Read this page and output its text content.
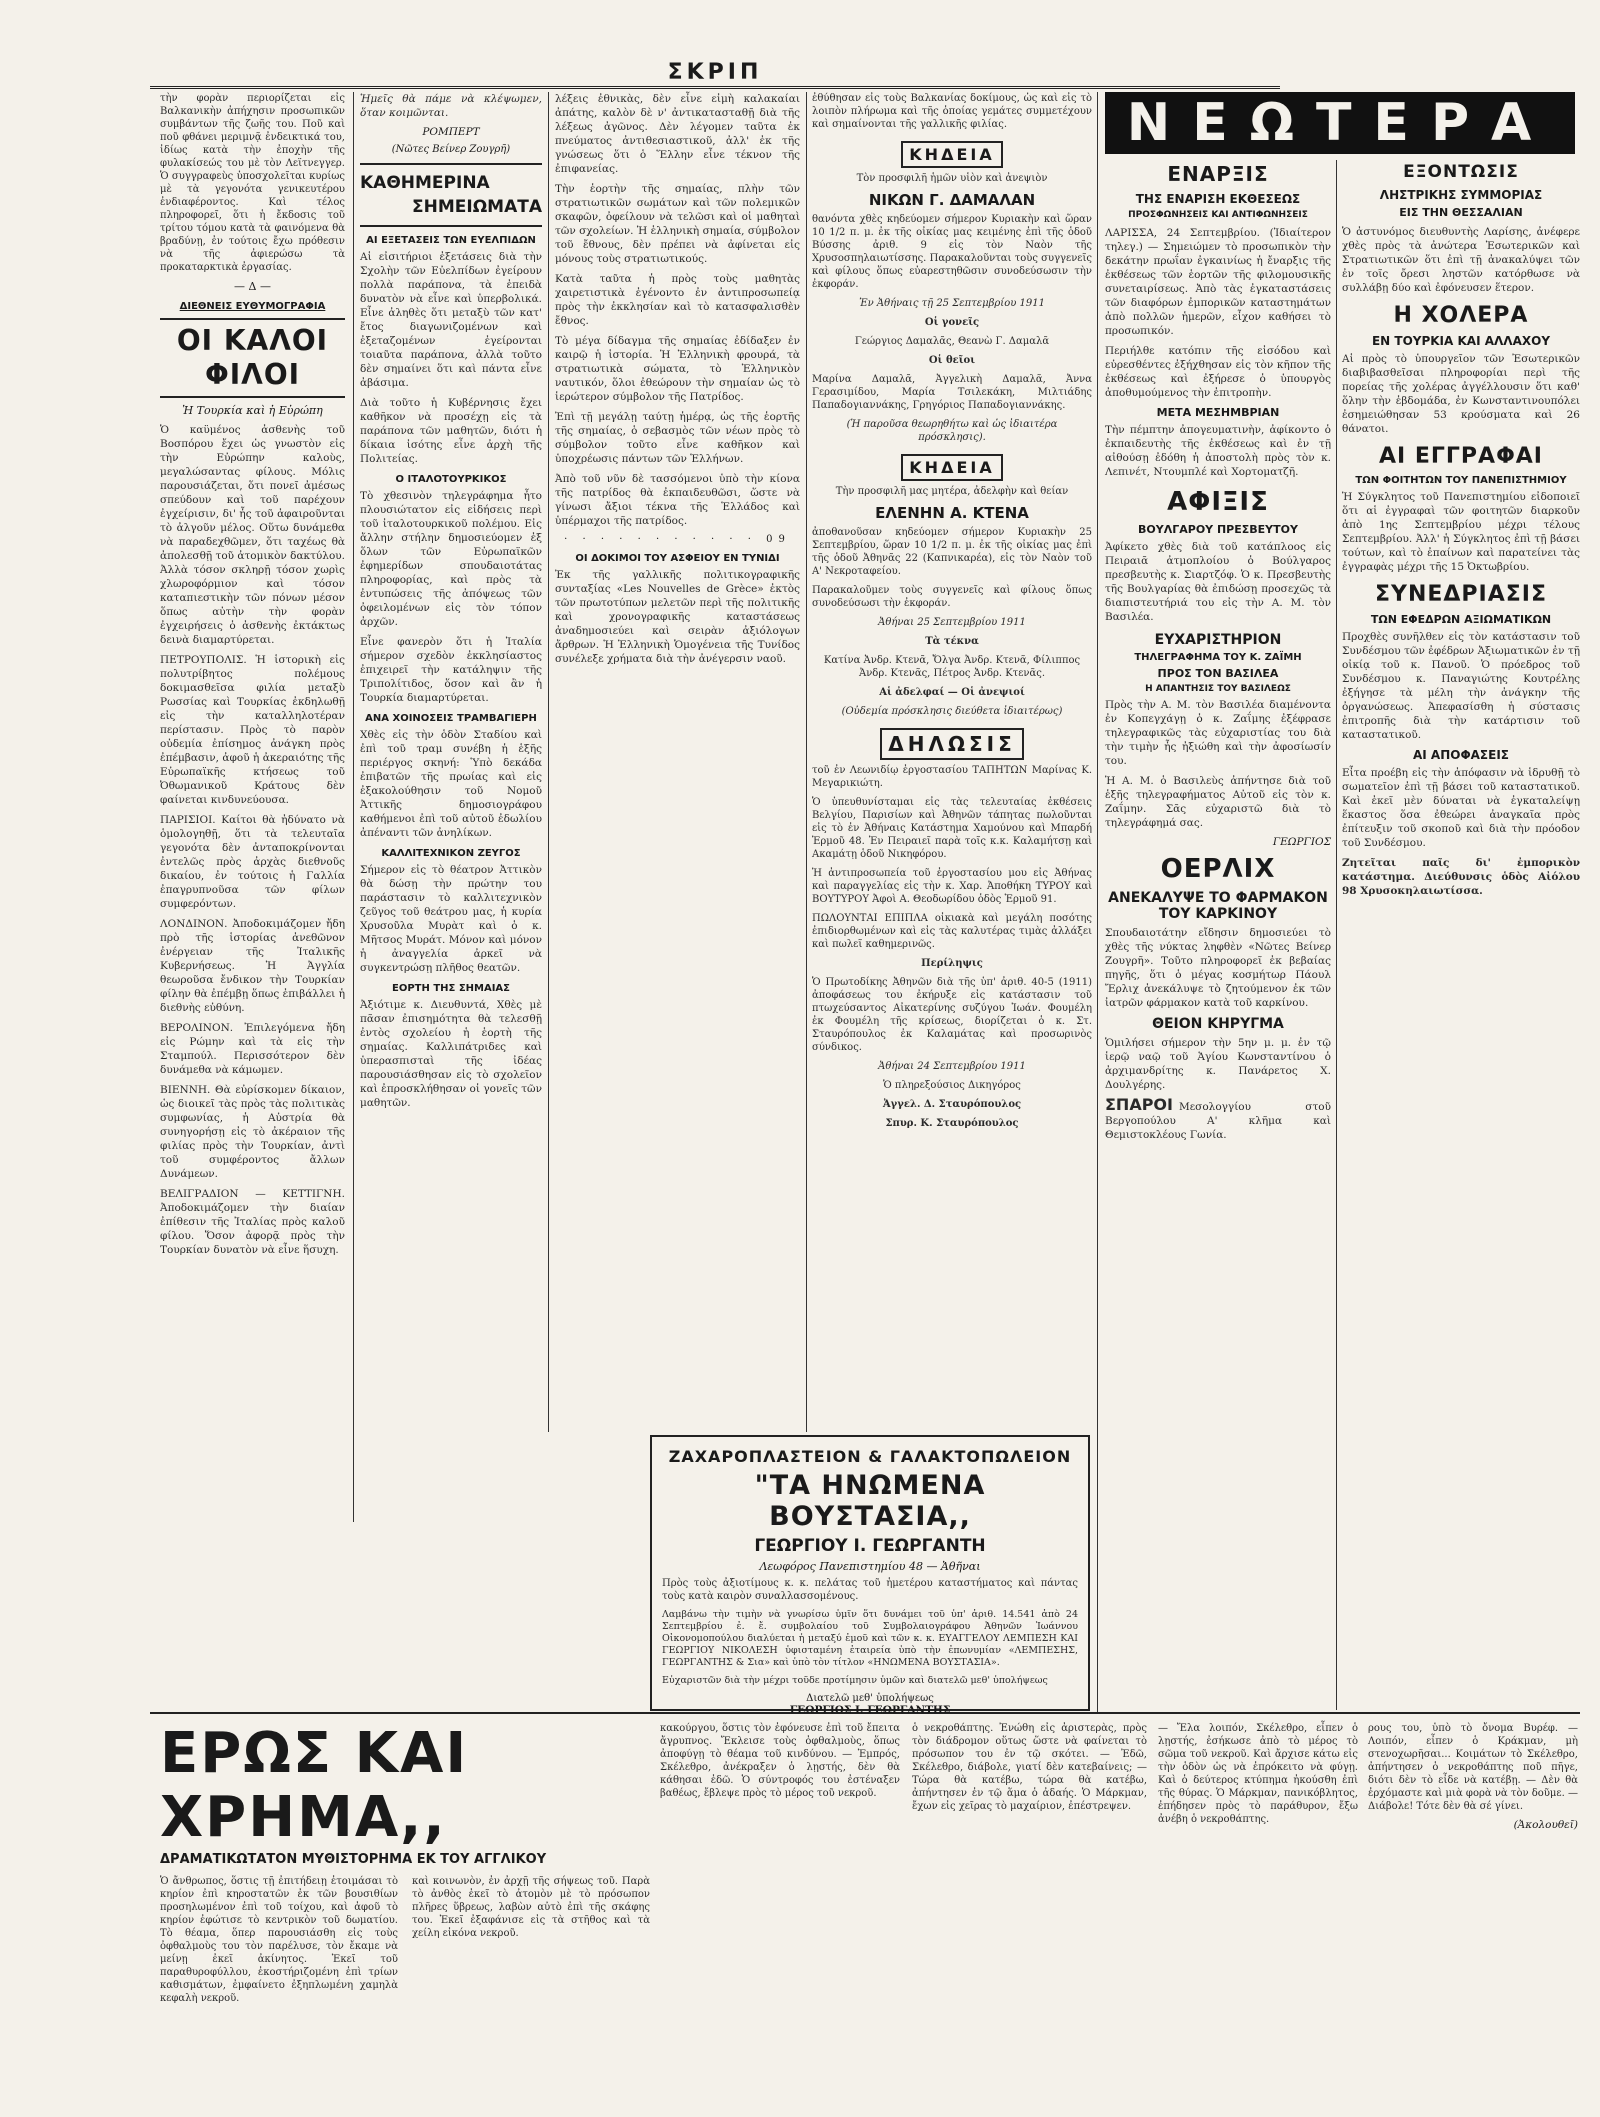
ΣΚΡΙΠ

τὴν φορὰν περιορίζεται εἰς Βαλκανικὴν ἀπήχησιν προσωπικῶν συμβάντων τῆς ζωῆς του. Ποῦ καὶ ποῦ φθάνει μεριμνᾷ ἐνδεικτικά του, ἰδίως κατὰ τὴν ἐποχὴν τῆς φυλακίσεώς του μὲ τὸν Λεϊτνεγγερ. Ὁ συγγραφεὺς ὑποσχολεῖται κυρίως μὲ τὰ γεγονότα γενικευτέρου ἐνδιαφέροντος. Καὶ τέλος πληροφορεῖ, ὅτι ἡ ἔκδοσις τοῦ τρίτου τόμου κατὰ τὰ φαινόμενα θὰ βραδύνῃ, ἐν τούτοις ἔχω πρόθεσιν νὰ τῆς ἀφιερώσω τὰ προκαταρκτικὰ ἐργασίας.

— Δ —

ΔΙΕΘΝΕΙΣ ΕΥΘΥΜΟΓΡΑΦΙΑ
ΟΙ ΚΑΛΟΙ ΦΙΛΟΙ

Ἡ Τουρκία καὶ ἡ Εὐρώπη

Ὁ καϋμένος ἀσθενὴς τοῦ Βοσπόρου ἔχει ὡς γνωστὸν εἰς τὴν Εὐρώπην καλοὺς, μεγαλώσαντας φίλους. Μόλις παρουσιάζεται, ὅτι πονεῖ ἀμέσως σπεύδουν καὶ τοῦ παρέχουν ἐγχείρισιν, δι' ἧς τοῦ ἀφαιροῦνται τὸ ἀλγοῦν μέλος. Οὕτω δυνάμεθα νὰ παραδεχθῶμεν, ὅτι ταχέως θὰ ἀπολεσθῇ τοῦ ἀτομικὸν δακτύλου. Ἀλλὰ τόσον σκληρῇ τόσον χωρὶς χλωροφόρμιον καὶ τόσον καταπιεστικὴν τῶν πόνων μέσον ὅπως αὐτὴν τὴν φορὰν ἐγχειρήσεις ὁ ἀσθενὴς ἐκτάκτως δεινὰ διαμαρτύρεται.

ΠΕΤΡΟΥΠΟΛΙΣ. Ἡ ἱστορικὴ εἰς πολυτρίβητος πολέμους δοκιμασθεῖσα φιλία μεταξὺ Ρωσσίας καὶ Τουρκίας ἐκδηλωθῇ εἰς τὴν καταλληλοτέραν περίστασιν. Πρὸς τὸ παρὸν οὐδεμία ἐπίσημος ἀνάγκη πρὸς ἐπέμβασιν, ἀφοῦ ἡ ἀκεραιότης τῆς Εὐρωπαϊκῆς κτήσεως τοῦ Ὀθωμανικοῦ Κράτους δὲν φαίνεται κινδυνεύουσα.

ΠΑΡΙΣΙΟΙ. Καίτοι θὰ ἠδύνατο νὰ ὁμολογηθῇ, ὅτι τὰ τελευταῖα γεγονότα δὲν ἀνταποκρίνονται ἐντελῶς πρὸς ἀρχὰς διεθνοῦς δικαίου, ἐν τούτοις ἡ Γαλλία ἐπαγρυπνοῦσα τῶν φίλων συμφερόντων.

ΛΟΝΔΙΝΟΝ. Ἀποδοκιμάζομεν ἤδη πρὸ τῆς ἱστορίας ἀνεθῶνον ἐνέργειαν τῆς Ἰταλικῆς Κυβερνήσεως. Ἡ Ἀγγλία θεωροῦσα ἔνδικον τὴν Τουρκίαν φίλην θὰ ἐπέμβῃ ὅπως ἐπιβάλλει ἡ διεθνὴς εὐθύνη.

ΒΕΡΟΛΙΝΟΝ. Ἐπιλεγόμενα ἤδη εἰς Ρώμην καὶ τὰ εἰς τὴν Σταμπούλ. Περισσότερον δὲν δυνάμεθα νὰ κάμωμεν.

ΒΙΕΝΝΗ. Θὰ εὐρίσκομεν δίκαιον, ὡς διοικεῖ τὰς πρὸς τὰς πολιτικὰς συμφωνίας, ἡ Αὐστρία θὰ συνηγορήσῃ εἰς τὸ ἀκέραιον τῆς φιλίας πρὸς τὴν Τουρκίαν, ἀντὶ τοῦ συμφέροντος ἄλλων Δυνάμεων.

ΒΕΛΙΓΡΑΔΙΟΝ — ΚΕΤΤΙΓΝΗ. Ἀποδοκιμάζομεν τὴν διαίαν ἐπίθεσιν τῆς Ἰταλίας πρὸς καλοῦ φίλου. Ὅσον ἀφορᾷ πρὸς τὴν Τουρκίαν δυνατὸν νὰ εἶνε ἥσυχη.

Ἡμεῖς θὰ πάμε νὰ κλέψωμεν, ὅταν κοιμῶνται.

ΡΟΜΠΕΡΤ

(Νῶτες Βείνερ Ζουγρῆ)

ΚΑΘΗΜΕΡΙΝΑ
ΣΗΜΕΙΩΜΑΤΑ
ΑΙ ΕΞΕΤΑΣΕΙΣ ΤΩΝ ΕΥΕΛΠΙΔΩΝ

Αἱ εἰσιτήριοι ἐξετάσεις διὰ τὴν Σχολὴν τῶν Εὐελπίδων ἐγείρουν πολλὰ παράπονα, τὰ ἐπειδὰ δυνατὸν νὰ εἶνε καὶ ὑπερβολικά. Εἶνε ἀληθὲς ὅτι μεταξὺ τῶν κατ' ἔτος διαγωνιζομένων καὶ ἐξεταζομένων ἐγείρονται τοιαῦτα παράπονα, ἀλλὰ τοῦτο δὲν σημαίνει ὅτι καὶ πάντα εἶνε ἀβάσιμα.

Διὰ τοῦτο ἡ Κυβέρνησις ἔχει καθῆκον νὰ προσέχῃ εἰς τὰ παράπονα τῶν μαθητῶν, διότι ἡ δίκαια ἰσότης εἶνε ἀρχὴ τῆς Πολιτείας.

Ο ΙΤΑΛΟΤΟΥΡΚΙΚΟΣ

Τὸ χθεσινὸν τηλεγράφημα ἦτο πλουσιώτατον εἰς εἰδήσεις περὶ τοῦ ἰταλοτουρκικοῦ πολέμου. Εἰς ἄλλην στήλην δημοσιεύομεν ἐξ ὅλων τῶν Εὐρωπαϊκῶν ἐφημερίδων σπουδαιοτάτας πληροφορίας, καὶ πρὸς τὰ ἐντυπώσεις τῆς ἀπόψεως τῶν ὀφειλομένων εἰς τὸν τόπον ἀρχῶν.

Εἶνε φανερὸν ὅτι ἡ Ἰταλία σήμερον σχεδὸν ἐκκλησίαστος ἐπιχειρεῖ τὴν κατάληψιν τῆς Τριπολίτιδος, ὅσον καὶ ἂν ἡ Τουρκία διαμαρτύρεται.

ΑΝΑ ΧΟΙΝΟΣΕΙΣ ΤΡΑΜΒΑΓΙΕΡΗ

Χθὲς εἰς τὴν ὁδὸν Σταδίου καὶ ἐπὶ τοῦ τραμ συνέβη ἡ ἑξῆς περιέργος σκηνή: Ὑπὸ δεκάδα ἐπιβατῶν τῆς πρωίας καὶ εἰς ἐξακολούθησιν τοῦ Νομοῦ Ἀττικῆς δημοσιογράφου καθήμενοι ἐπὶ τοῦ αὐτοῦ ἐδωλίου ἀπέναντι τῶν ἀνηλίκων.

ΚΑΛΛΙΤΕΧΝΙΚΟΝ ΖΕΥΓΟΣ

Σήμερον εἰς τὸ θέατρον Ἀττικὸν θὰ δώσῃ τὴν πρώτην του παράστασιν τὸ καλλιτεχνικὸν ζεῦγος τοῦ θεάτρου μας, ἡ κυρία Χρυσοῦλα Μυρὰτ καὶ ὁ κ. Μῆτσος Μυράτ. Μόνον καὶ μόνον ἡ ἀναγγελία ἀρκεῖ νὰ συγκεντρώσῃ πλῆθος θεατῶν.

ΕΟΡΤΗ ΤΗΣ ΣΗΜΑΙΑΣ

Ἀξιότιμε κ. Διευθυντά, Χθὲς μὲ πᾶσαν ἐπισημότητα θὰ τελεσθῇ ἐντὸς σχολείου ἡ ἑορτὴ τῆς σημαίας. Καλλιπάτριδες καὶ ὑπερασπισταὶ τῆς ἰδέας παρουσιάσθησαν εἰς τὸ σχολεῖον καὶ ἐπροσκλήθησαν οἱ γονεῖς τῶν μαθητῶν.

λέξεις ἐθνικὰς, δὲν εἶνε εἰμὴ καλακαίαι ἀπάτης, καλὸν δὲ ν' ἀντικατασταθῇ διὰ τῆς λέξεως ἀγῶνος. Δὲν λέγομεν ταῦτα ἐκ πνεύματος ἀντιθεσιαστικοῦ, ἀλλ' ἐκ τῆς γνώσεως ὅτι ὁ Ἕλλην εἶνε τέκνον τῆς ἐπιφανείας.

Τὴν ἑορτὴν τῆς σημαίας, πλὴν τῶν στρατιωτικῶν σωμάτων καὶ τῶν πολεμικῶν σκαφῶν, ὀφείλουν νὰ τελῶσι καὶ οἱ μαθηταὶ τῶν σχολείων. Ἡ ἑλληνικὴ σημαία, σύμβολον τοῦ ἔθνους, δὲν πρέπει νὰ ἀφίνεται εἰς μόνους τοὺς στρατιωτικούς.

Κατὰ ταῦτα ἡ πρὸς τοὺς μαθητὰς χαιρετιστικὰ ἐγένοντο ἐν ἀντιπροσωπείᾳ πρὸς τὴν ἐκκλησίαν καὶ τὸ κατασφαλισθὲν ἔθνος.

Τὸ μέγα δίδαγμα τῆς σημαίας ἐδίδαξεν ἐν καιρῷ ἡ ἱστορία. Ἡ Ἑλληνικὴ φρουρά, τὰ στρατιωτικὰ σώματα, τὸ Ἑλληνικὸν ναυτικόν, ὅλοι ἐθεώρουν τὴν σημαίαν ὡς τὸ ἱερώτερον σύμβολον τῆς Πατρίδος.

Ἐπὶ τῇ μεγάλῃ ταύτῃ ἡμέρᾳ, ὡς τῆς ἑορτῆς τῆς σημαίας, ὁ σεβασμὸς τῶν νέων πρὸς τὸ σύμβολον τοῦτο εἶνε καθῆκον καὶ ὑποχρέωσις πάντων τῶν Ἑλλήνων.

Ἀπὸ τοῦ νῦν δὲ τασσόμενοι ὑπὸ τὴν κίονα τῆς πατρίδος θὰ ἐκπαιδευθῶσι, ὥστε νὰ γίνωσι ἄξιοι τέκνα τῆς Ἑλλάδος καὶ ὑπέρμαχοι τῆς πατρίδος.

· · · · · · · · · · · 09

ΟΙ ΔΟΚΙΜΟΙ ΤΟΥ ΑΣΦΕΙΟΥ ΕΝ ΤΥΝΙΔΙ

Ἐκ τῆς γαλλικῆς πολιτικογραφικῆς συνταξίας «Les Nouvelles de Grèce» ἐκτὸς τῶν πρωτοτύπων μελετῶν περὶ τῆς πολιτικῆς καὶ χρονογραφικῆς καταστάσεως ἀναδημοσιεύει καὶ σειρὰν ἀξιόλογων ἄρθρων. Ἡ Ἑλληνικὴ Ὁμογένεια τῆς Τυνίδος συνέλεξε χρήματα διὰ τὴν ἀνέγερσιν ναοῦ.

ἐθύθησαν εἰς τοὺς Βαλκανίας δοκίμους, ὡς καὶ εἰς τὸ λοιπὸν πλήρωμα καὶ τῆς ὁποίας γεμάτες συμμετέχουν καὶ σημαίνονται τῆς γαλλικῆς φιλίας.

ΚΗΔΕΙΑ

Τὸν προσφιλῆ ἡμῶν υἱὸν καὶ ἀνεψιὸν

ΝΙΚΩΝ Γ. ΔΑΜΑΛΑΝ

θανόντα χθὲς κηδεύομεν σήμερον Κυριακὴν καὶ ὥραν 10 1/2 π. μ. ἐκ τῆς οἰκίας μας κειμένης ἐπὶ τῆς ὁδοῦ Βύσσης ἀριθ. 9 εἰς τὸν Ναὸν τῆς Χρυσοσπηλαιωτίσσης. Παρακαλοῦνται τοὺς συγγενεῖς καὶ φίλους ὅπως εὐαρεστηθῶσιν συνοδεύσωσιν τὴν ἐκφοράν.

Ἐν Ἀθήναις τῇ 25 Σεπτεμβρίου 1911

Οἱ γονεῖς

Γεώργιος Δαμαλᾶς, Θεανὼ Γ. Δαμαλᾶ

Οἱ θεῖοι

Μαρίνα Δαμαλᾶ, Ἀγγελικὴ Δαμαλᾶ, Ἀννα Γερασιμίδου, Μαρία Τσιλεκάκη, Μιλτιάδης Παπαδογιαννάκης, Γρηγόριος Παπαδογιαννάκης.

(Ἡ παροῦσα θεωρηθήτω καὶ ὡς ἰδιαιτέρα πρόσκλησις).

ΚΗΔΕΙΑ

Τὴν προσφιλῆ μας μητέρα, ἀδελφὴν καὶ θείαν

ΕΛΕΝΗΝ Α. ΚΤΕΝΑ

ἀποθανοῦσαν κηδεύομεν σήμερον Κυριακὴν 25 Σεπτεμβρίου, ὥραν 10 1/2 π. μ. ἐκ τῆς οἰκίας μας ἐπὶ τῆς ὁδοῦ Ἀθηνᾶς 22 (Καπνικαρέα), εἰς τὸν Ναὸν τοῦ Α' Νεκροταφείου.

Παρακαλοῦμεν τοὺς συγγενεῖς καὶ φίλους ὅπως συνοδεύσωσι τὴν ἐκφοράν.

Ἀθήναι 25 Σεπτεμβρίου 1911

Τὰ τέκνα

Κατίνα Ἀνδρ. Κτενᾶ, Ὄλγα Ἀνδρ. Κτενᾶ, Φίλιππος Ἀνδρ. Κτενᾶς, Πέτρος Ἀνδρ. Κτενᾶς.

Αἱ ἀδελφαί — Οἱ ἀνεψιοί

(Οὐδεμία πρόσκλησις διεύθετα ἰδιαιτέρως)

ΔΗΛΩΣΙΣ

τοῦ ἐν Λεωνιδίῳ ἐργοστασίου ΤΑΠΗΤΩΝ Μαρίνας Κ. Μεγαρικιώτη.

Ὁ ὑπευθυνίσταμαι εἰς τὰς τελευταίας ἐκθέσεις Βελγίου, Παρισίων καὶ Ἀθηνῶν τάπητας πωλοῦνται εἰς τὸ ἐν Ἀθήναις Κατάστημα Χαμούνου καὶ Μπαρδή Ἑρμοῦ 48. Ἐν Πειραιεῖ παρὰ τοῖς κ.κ. Καλαμήτσῃ καὶ Ακαμάτῃ ὁδοῦ Νικηφόρου.

Ἡ ἀντιπροσωπεία τοῦ ἐργοστασίου μου εἰς Ἀθήνας καὶ παραγγελίας εἰς τὴν κ. Χαρ. Ἀποθήκη ΤΥΡΟΥ καὶ ΒΟΥΤΥΡΟΥ Ἀφοὶ Α. Θεοδωρίδου ὁδὸς Ἑρμοῦ 91.

ΠΩΛΟΥΝΤΑΙ ΕΠΙΠΛΑ οἰκιακὰ καὶ μεγάλη ποσότης ἐπιδιορθωμένων καὶ εἰς τὰς καλυτέρας τιμὰς ἀλλάξει καὶ πωλεῖ καθημερινῶς.

Περίληψις

Ὁ Πρωτοδίκης Ἀθηνῶν διὰ τῆς ὑπ' ἀριθ. 40-5 (1911) ἀποφάσεως του ἐκήρυξε εἰς κατάστασιν τοῦ πτωχεύσαντος Αἰκατερίνης συζύγου Ἰωάν. Φουμέλη ἐκ Φουμέλη τῆς κρίσεως, διορίζεται ὁ κ. Στ. Σταυρόπουλος ἐκ Καλαμάτας καὶ προσωρινὸς σύνδικος.

Ἀθήναι 24 Σεπτεμβρίου 1911

Ὁ πληρεξούσιος Δικηγόρος

Ἀγγελ. Δ. Σταυρόπουλος

Σπυρ. Κ. Σταυρόπουλος

ΝΕΩΤΕΡΑ
ΕΝΑΡΞΙΣ
ΤΗΣ ΕΝΑΡΙΣΗ ΕΚΘΕΣΕΩΣ
ΠΡΟΣΦΩΝΗΣΕΙΣ ΚΑΙ ΑΝΤΙΦΩΝΗΣΕΙΣ

ΛΑΡΙΣΣΑ, 24 Σεπτεμβρίου. (Ἰδιαίτερον τηλεγ.) — Σημειώμεν τὸ προσωπικὸν τὴν δεκάτην πρωΐαν ἐγκαινίως ἡ ἔναρξις τῆς ἐκθέσεως τῶν ἑορτῶν τῆς φιλομουσικῆς συνεταιρίσεως. Ἀπὸ τὰς ἐγκαταστάσεις τῶν διαφόρων ἐμπορικῶν καταστημάτων ἀπὸ πολλῶν ἡμερῶν, εἶχον καθήσει τὸ προσωπικόν.

Περιήλθε κατόπιν τῆς εἰσόδου καὶ εὐρεσθέντες ἐξήχθησαν εἰς τὸν κῆπον τῆς ἐκθέσεως καὶ ἐξήρεσε ὁ ὑπουργὸς ἀποθυμούμενος τὴν ἐπιτροπὴν.

ΜΕΤΑ ΜΕΣΗΜΒΡΙΑΝ

Τὴν πέμπτην ἀπογευματινὴν, ἀφίκοντο ὁ ἐκπαιδευτὴς τῆς ἐκθέσεως καὶ ἐν τῇ αἰθούσῃ ἐδόθη ἡ ἀποστολὴ πρὸς τὸν κ. Λεπινέτ, Ντουμπλέ καὶ Χορτοματζῆ.

ΑΦΙΞΙΣ
ΒΟΥΛΓΑΡΟΥ ΠΡΕΣΒΕΥΤΟΥ

Ἀφίκετο χθὲς διὰ τοῦ κατάπλοος εἰς Πειραιᾶ ἀτμοπλοίου ὁ Βούλγαρος πρεσβευτὴς κ. Σιαρτζόφ. Ὁ κ. Πρεσβευτὴς τῆς Βουλγαρίας θὰ ἐπιδώσῃ προσεχῶς τὰ διαπιστευτήριά του εἰς τὴν Α. Μ. τὸν Βασιλέα.

ΕΥΧΑΡΙΣΤΗΡΙΟΝ
ΤΗΛΕΓΡΑΦΗΜΑ ΤΟΥ Κ. ΖΑΪΜΗ
ΠΡΟΣ ΤΟΝ ΒΑΣΙΛΕΑ
Η ΑΠΑΝΤΗΣΙΣ ΤΟΥ ΒΑΣΙΛΕΩΣ

Πρὸς τὴν Α. Μ. τὸν Βασιλέα διαμένοντα ἐν Κοπεγχάγῃ ὁ κ. Ζαΐμης ἐξέφρασε τηλεγραφικῶς τὰς εὐχαριστίας του διὰ τὴν τιμὴν ἧς ἠξιώθη καὶ τὴν ἀφοσίωσίν του.

Ἡ Α. Μ. ὁ Βασιλεὺς ἀπήντησε διὰ τοῦ ἑξῆς τηλεγραφήματος Αὐτοῦ εἰς τὸν κ. Ζαΐμην. Σᾶς εὐχαριστῶ διὰ τὸ τηλεγράφημά σας.

ΓΕΩΡΓΙΟΣ

ΟΕΡΛΙΧ
ΑΝΕΚΑΛΥΨΕ ΤΟ ΦΑΡΜΑΚΟΝ ΤΟΥ ΚΑΡΚΙΝΟΥ

Σπουδαιοτάτην εἴδησιν δημοσιεύει τὸ χθὲς τῆς νύκτας ληφθὲν «Νῶτες Βείνερ Ζουγρῆ». Τοῦτο πληροφορεῖ ἐκ βεβαίας πηγῆς, ὅτι ὁ μέγας κοσμήτωρ Πάουλ Ἔρλιχ ἀνεκάλυψε τὸ ζητούμενον ἐκ τῶν ἰατρῶν φάρμακον κατὰ τοῦ καρκίνου.

ΘΕΙΟΝ ΚΗΡΥΓΜΑ

Ὁμιλήσει σήμερον τὴν 5ην μ. μ. ἐν τῷ ἱερῷ ναῷ τοῦ Ἁγίου Κωνσταντίνου ὁ ἀρχιμανδρίτης κ. Πανάρετος Χ. Δουλγέρης.

ΣΠΑΡΟΙ Μεσολογγίου στοῦ Βεργοπούλου Α' κλῆμα καὶ Θεμιστοκλέους Γωνία.

ΕΞΟΝΤΩΣΙΣ
ΛΗΣΤΡΙΚΗΣ ΣΥΜΜΟΡΙΑΣ
ΕΙΣ ΤΗΝ ΘΕΣΣΑΛΙΑΝ

Ὁ ἀστυνόμος διευθυντὴς Λαρίσης, ἀνέφερε χθὲς πρὸς τὰ ἀνώτερα Ἐσωτερικῶν καὶ Στρατιωτικῶν ὅτι ἐπὶ τῇ ἀνακαλύψει τῶν ἐν τοῖς ὄρεσι ληστῶν κατόρθωσε νὰ συλλάβῃ δύο καὶ ἐφόνευσεν ἕτερον.

Η ΧΟΛΕΡΑ
ΕΝ ΤΟΥΡΚΙΑ ΚΑΙ ΑΛΛΑΧΟΥ

Αἱ πρὸς τὸ ὑπουργεῖον τῶν Ἐσωτερικῶν διαβιβασθεῖσαι πληροφορίαι περὶ τῆς πορείας τῆς χολέρας ἀγγέλλουσιν ὅτι καθ' ὅλην τὴν ἑβδομάδα, ἐν Κωνσταντινουπόλει ἐσημειώθησαν 53 κρούσματα καὶ 26 θάνατοι.

ΑΙ ΕΓΓΡΑΦΑΙ
ΤΩΝ ΦΟΙΤΗΤΩΝ ΤΟΥ ΠΑΝΕΠΙΣΤΗΜΙΟΥ

Ἡ Σύγκλητος τοῦ Πανεπιστημίου εἰδοποιεῖ ὅτι αἱ ἐγγραφαὶ τῶν φοιτητῶν διαρκοῦν ἀπὸ 1ης Σεπτεμβρίου μέχρι τέλους Σεπτεμβρίου. Ἀλλ' ἡ Σύγκλητος ἐπὶ τῇ βάσει τούτων, καὶ τὸ ἐπαίνων καὶ παρατείνει τὰς ἐγγραφὰς μέχρι τῆς 15 Ὀκτωβρίου.

ΣΥΝΕΔΡΙΑΣΙΣ
ΤΩΝ ΕΦΕΔΡΩΝ ΑΞΙΩΜΑΤΙΚΩΝ

Προχθὲς συνῆλθεν εἰς τὸν κατάστασιν τοῦ Συνδέσμου τῶν ἐφέδρων Ἀξιωματικῶν ἐν τῇ οἰκίᾳ τοῦ κ. Πανοῦ. Ὁ πρόεδρος τοῦ Συνδέσμου κ. Παναγιώτης Κουτρέλης ἐξήγησε τὰ μέλη τὴν ἀνάγκην τῆς ὀργανώσεως. Ἀπεφασίσθη ἡ σύστασις ἐπιτροπῆς διὰ τὴν κατάρτισιν τοῦ καταστατικοῦ.

ΑΙ ΑΠΟΦΑΣΕΙΣ

Εἶτα προέβη εἰς τὴν ἀπόφασιν νὰ ἱδρυθῇ τὸ σωματεῖον ἐπὶ τῇ βάσει τοῦ καταστατικοῦ. Καὶ ἐκεῖ μὲν δύναται νὰ ἐγκαταλείψῃ ἕκαστος ὅσα ἐθεώρει ἀναγκαῖα πρὸς ἐπίτευξιν τοῦ σκοποῦ καὶ διὰ τὴν πρόοδον τοῦ Συνδέσμου.

Ζητεῖται παῖς δι' ἐμπορικὸν κατάστημα. Διεύθυνσις ὁδὸς Αἰόλου 98 Χρυσοκηλαιωτίσσα.

ΖΑΧΑΡΟΠΛΑΣΤΕΙΟΝ & ΓΑΛΑΚΤΟΠΩΛΕΙΟΝ
"ΤΑ ΗΝΩΜΕΝΑ ΒΟΥΣΤΑΣΙΑ,,
ΓΕΩΡΓΙΟΥ Ι. ΓΕΩΡΓΑΝΤΗ
Λεωφόρος Πανεπιστημίου 48 — Ἀθῆναι

Πρὸς τοὺς ἀξιοτίμους κ. κ. πελάτας τοῦ ἡμετέρου καταστήματος καὶ πάντας τοὺς κατὰ καιρὸν συναλλασσομένους.

Λαμβάνω τὴν τιμὴν νὰ γνωρίσω ὑμῖν ὅτι δυνάμει τοῦ ὑπ' ἀριθ. 14.541 ἀπὸ 24 Σεπτεμβρίου ἐ. ἔ. συμβολαίου τοῦ Συμβολαιογράφου Ἀθηνῶν Ἰωάννου Οἰκονομοπούλου διαλύεται ἡ μεταξύ ἐμοῦ καὶ τῶν κ. κ. ΕΥΑΓΓΕΛΟΥ ΛΕΜΠΕΣΗ ΚΑΙ ΓΕΩΡΓΙΟΥ ΝΙΚΟΛΕΣΗ ὑφισταμένη ἑταιρεία ὑπὸ τὴν ἐπωνυμίαν «ΛΕΜΠΕΣΗΣ, ΓΕΩΡΓΑΝΤΗΣ & Σια» καὶ ὑπὸ τὸν τίτλον «ΗΝΩΜΕΝΑ ΒΟΥΣΤΑΣΙΑ».

Εὐχαριστῶν διὰ τὴν μέχρι τοῦδε προτίμησιν ὑμῶν καὶ διατελῶ μεθ' ὑπολήψεως

Διατελῶ μεθ' ὑπολήψεως

ΓΕΩΡΓΙΟΣ Ι. ΓΕΩΡΓΑΝΤΗΣ

ΕΡΩΣ ΚΑΙ ΧΡΗΜΑ,,
ΔΡΑΜΑΤΙΚΩΤΑΤΟΝ ΜΥΘΙΣΤΟΡΗΜΑ ΕΚ ΤΟΥ ΑΓΓΛΙΚΟΥ

Ὁ ἄνθρωπος, ὅστις τῇ ἐπιτήδειῃ ἐτοιμάσαι τὸ κηρίον ἐπὶ κηροστατῶν ἐκ τῶν βουσιθίων προσηλωμένον ἐπὶ τοῦ τοίχου, καὶ ἀφοῦ τὸ κηρίον ἐφώτισε τὸ κεντρικὸν τοῦ δωματίου. Τὸ θέαμα, ὅπερ παρουσιάσθη εἰς τοὺς ὀφθαλμοὺς του τὸν παρέλυσε, τὸν ἔκαμε νὰ μείνῃ ἐκεῖ ἀκίνητος. Ἐκεῖ τοῦ παραθυροφύλλου, ἐκοστήριζομένη ἐπὶ τρίων καθισμάτων, ἐμφαίνετο ἐξηπλωμένη χαμηλὰ κεφαλὴ νεκροῦ.

καὶ κοινωνὸν, ἐν ἀρχῇ τῆς σήψεως τοῦ. Παρὰ τὸ ἀνθὸς ἐκεῖ τὸ ἀτομὸν μὲ τὸ πρόσωπον πλῆρες ὕβρεως, λαβὼν αὐτὸ ἐπὶ τῆς σκάφης του. Ἐκεῖ ἐξαφάνισε εἰς τὰ στῆθος καὶ τὰ χείλη εἰκόνα νεκροῦ.

κακούργου, ὅστις τὸν ἐφόνευσε ἐπὶ τοῦ ἔπειτα ἄγρυπνος. Ἔκλεισε τοὺς ὀφθαλμοὺς, ὅπως ἀποφύγῃ τὸ θέαμα τοῦ κινδύνου. — Ἐμπρός, Σκέλεθρο, ἀνέκραξεν ὁ λῃστής, δὲν θὰ κάθησαι ἐδῶ. Ὁ σύντροφός του ἐστέναξεν βαθέως, ἔβλεψε πρὸς τὸ μέρος τοῦ νεκροῦ.

ὁ νεκροθάπτης. Ἐνώθη εἰς ἀριστερὰς, πρὸς τὸν διάδρομον οὕτως ὥστε νὰ φαίνεται τὸ πρόσωπον του ἐν τῷ σκότει. — Ἐδῶ, Σκέλεθρο, διάβολε, γιατί δὲν κατεβαίνεις; — Τώρα θὰ κατέβω, τώρα θὰ κατέβω, ἀπήντησεν ἐν τῷ ἅμα ὁ ἀδαής. Ὁ Μάρκμαν, ἔχων εἰς χεῖρας τὸ μαχαίριον, ἐπέστρεψεν.

— Ἔλα λοιπόν, Σκέλεθρο, εἶπεν ὁ λῃστής, ἐσήκωσε ἀπὸ τὸ μέρος τὸ σῶμα τοῦ νεκροῦ. Καὶ ἄρχισε κάτω εἰς τὴν ὁδὸν ὡς νὰ ἐπρόκειτο νὰ φύγῃ. Καὶ ὁ δεύτερος κτύπημα ἠκούσθη ἐπὶ τῆς θύρας. Ὁ Μάρκμαν, πανικόβλητος, ἐπήδησεν πρὸς τὸ παράθυρον, ἔξω ἀνέβη ὁ νεκροθάπτης.

ρους του, ὑπὸ τὸ ὄνομα Βυρέφ. — Λοιπόν, εἶπεν ὁ Κράκμαν, μὴ στενοχωρῆσαι... Κοιμάτων τὸ Σκέλεθρο, ἀπήντησεν ὁ νεκροθάπτης ποῦ πῆγε, διότι δὲν τὸ εἶδε νὰ κατέβῃ. — Δὲν θὰ ἐρχόμαστε καὶ μιὰ φορὰ νὰ τὸν δοῦμε. — Διάβολε! Τότε δὲν θὰ σέ γίνει.

(Ἀκολουθεῖ)
